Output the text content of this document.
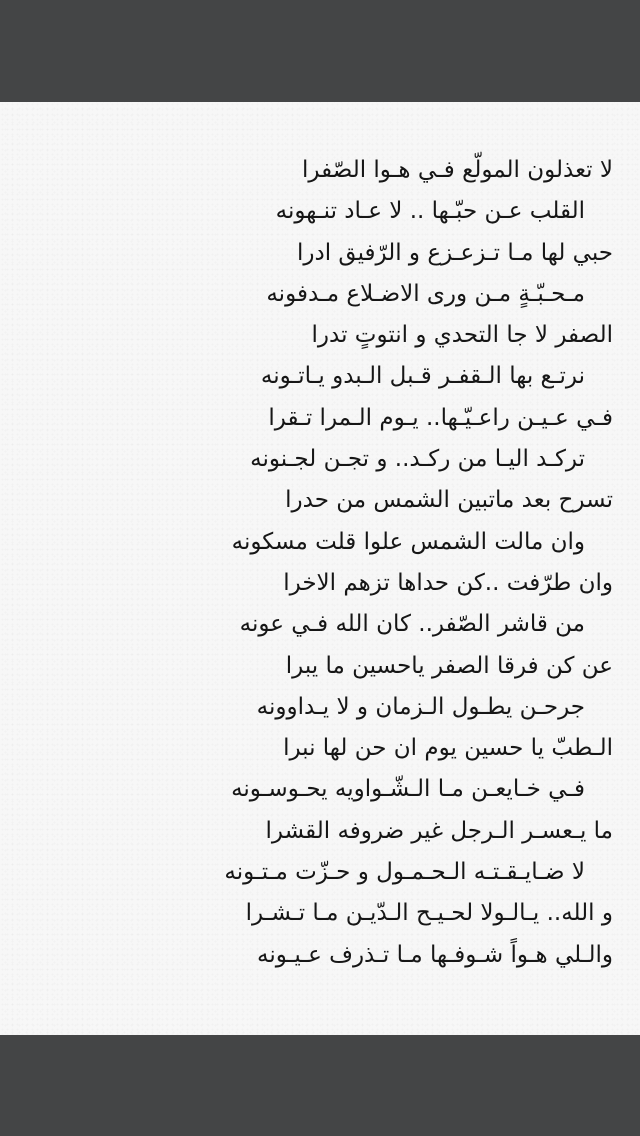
لا تعذلون المولّع فـي هـوا الصّفرا
القلب عـن حبّـها .. لا عـاد تنـهونه
حبي لها مـا تـزعـزع و الرّفيق ادرا
مـحـبّـةٍ مـن ورى الاضـلاع مـدفونه
الصفر لا جا التحدي و انتوتٍ تدرا
نرتـع بها الـقفـر قـبل الـبدو يـاتـونه
فـي عـيـن راعـيّـها.. يـوم الـمرا تـقرا
تركـد اليـا من ركـد.. و تجـن لجـنونه
تسرح بعد ماتبين الشمس من حدرا
وان مالت الشمس علوا قلت مسكونه
وان طرّفت ..كن حداها تزهم الاخرا
من قاشر الصّفر.. كان الله فـي عونه
عن كن فرقا الصفر ياحسين ما يبرا
جرحـن يطـول الـزمان و لا يـداوونه
الـطبّ يا حسين يوم ان حن لها نبرا
فـي خـايعـن مـا الـشّـواويه يحـوسـونه
ما يـعسـر الـرجل غير ضروفه القشرا
لا ضـايـقـتـه الـحـمـول و حـزّت مـتـونه
و الله.. يـالـولا لحـيـح الـدّيـن مـا تـشـرا
والـلي هـواً شـوفـها مـا تـذرف عـيـونه
